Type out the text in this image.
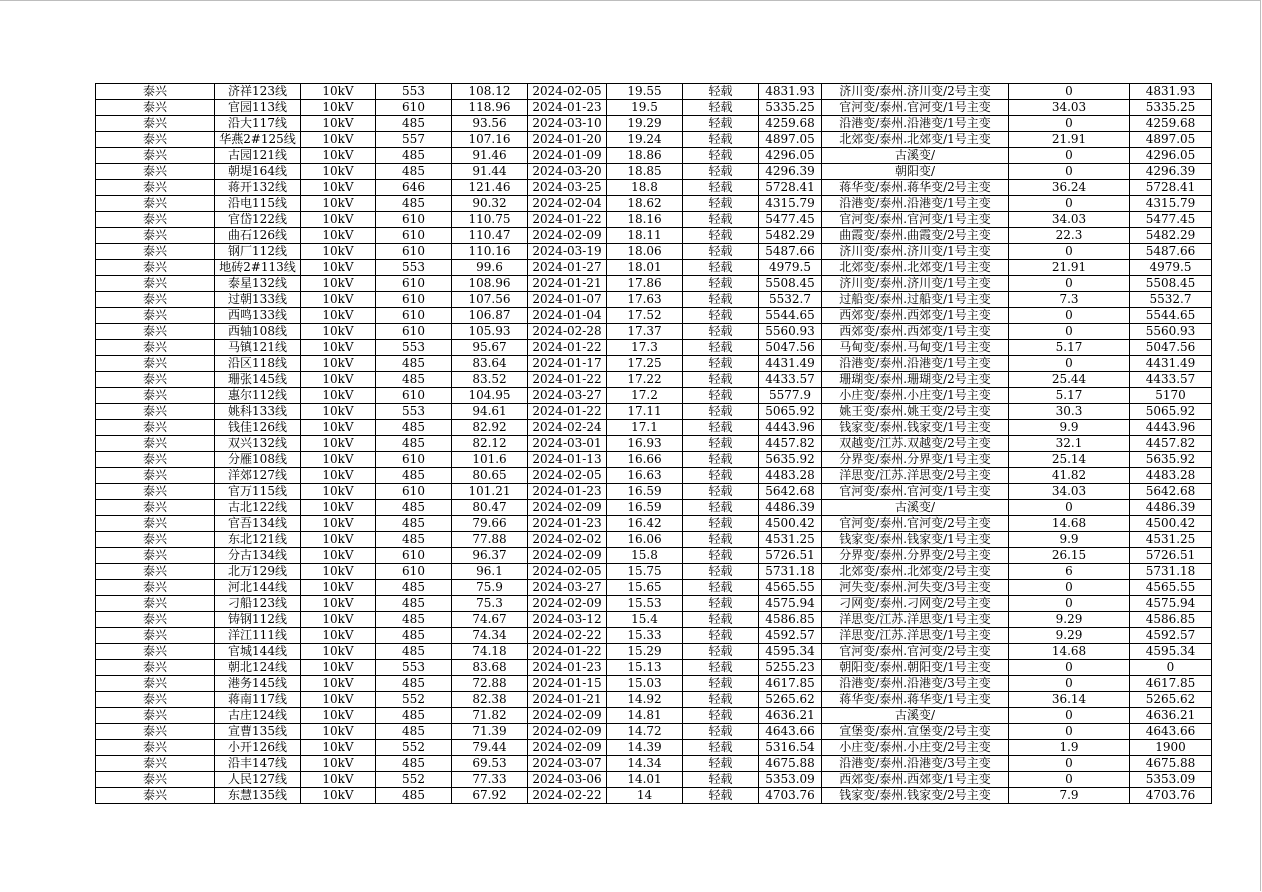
泰兴	济祥123线	10kV	553	108.12	2024-02-05	19.55	轻载	4831.93	济川变/泰州.济川变/2号主变	0	4831.93
泰兴	官园113线	10kV	610	118.96	2024-01-23	19.5	轻载	5335.25	官河变/泰州.官河变/1号主变	34.03	5335.25
泰兴	沿大117线	10kV	485	93.56	2024-03-10	19.29	轻载	4259.68	沿港变/泰州.沿港变/1号主变	0	4259.68
泰兴	华燕2#125线	10kV	557	107.16	2024-01-20	19.24	轻载	4897.05	北郊变/泰州.北郊变/1号主变	21.91	4897.05
泰兴	古园121线	10kV	485	91.46	2024-01-09	18.86	轻载	4296.05	古溪变/	0	4296.05
泰兴	朝堤164线	10kV	485	91.44	2024-03-20	18.85	轻载	4296.39	朝阳变/	0	4296.39
泰兴	蒋开132线	10kV	646	121.46	2024-03-25	18.8	轻载	5728.41	蒋华变/泰州.蒋华变/2号主变	36.24	5728.41
泰兴	沿电115线	10kV	485	90.32	2024-02-04	18.62	轻载	4315.79	沿港变/泰州.沿港变/1号主变	0	4315.79
泰兴	官岱122线	10kV	610	110.75	2024-01-22	18.16	轻载	5477.45	官河变/泰州.官河变/1号主变	34.03	5477.45
泰兴	曲石126线	10kV	610	110.47	2024-02-09	18.11	轻载	5482.29	曲霞变/泰州.曲霞变/2号主变	22.3	5482.29
泰兴	钢厂112线	10kV	610	110.16	2024-03-19	18.06	轻载	5487.66	济川变/泰州.济川变/1号主变	0	5487.66
泰兴	地砖2#113线	10kV	553	99.6	2024-01-27	18.01	轻载	4979.5	北郊变/泰州.北郊变/1号主变	21.91	4979.5
泰兴	泰星132线	10kV	610	108.96	2024-01-21	17.86	轻载	5508.45	济川变/泰州.济川变/1号主变	0	5508.45
泰兴	过朝133线	10kV	610	107.56	2024-01-07	17.63	轻载	5532.7	过船变/泰州.过船变/1号主变	7.3	5532.7
泰兴	西鸣133线	10kV	610	106.87	2024-01-04	17.52	轻载	5544.65	西郊变/泰州.西郊变/1号主变	0	5544.65
泰兴	西轴108线	10kV	610	105.93	2024-02-28	17.37	轻载	5560.93	西郊变/泰州.西郊变/1号主变	0	5560.93
泰兴	马镇121线	10kV	553	95.67	2024-01-22	17.3	轻载	5047.56	马甸变/泰州.马甸变/1号主变	5.17	5047.56
泰兴	沿区118线	10kV	485	83.64	2024-01-17	17.25	轻载	4431.49	沿港变/泰州.沿港变/1号主变	0	4431.49
泰兴	珊张145线	10kV	485	83.52	2024-01-22	17.22	轻载	4433.57	珊瑚变/泰州.珊瑚变/2号主变	25.44	4433.57
泰兴	惠尔112线	10kV	610	104.95	2024-03-27	17.2	轻载	5577.9	小庄变/泰州.小庄变/1号主变	5.17	5170
泰兴	姚科133线	10kV	553	94.61	2024-01-22	17.11	轻载	5065.92	姚王变/泰州.姚王变/2号主变	30.3	5065.92
泰兴	钱佳126线	10kV	485	82.92	2024-02-24	17.1	轻载	4443.96	钱家变/泰州.钱家变/1号主变	9.9	4443.96
泰兴	双兴132线	10kV	485	82.12	2024-03-01	16.93	轻载	4457.82	双越变/江苏.双越变/2号主变	32.1	4457.82
泰兴	分雁108线	10kV	610	101.6	2024-01-13	16.66	轻载	5635.92	分界变/泰州.分界变/1号主变	25.14	5635.92
泰兴	洋郊127线	10kV	485	80.65	2024-02-05	16.63	轻载	4483.28	洋思变/江苏.洋思变/2号主变	41.82	4483.28
泰兴	官万115线	10kV	610	101.21	2024-01-23	16.59	轻载	5642.68	官河变/泰州.官河变/1号主变	34.03	5642.68
泰兴	古北122线	10kV	485	80.47	2024-02-09	16.59	轻载	4486.39	古溪变/	0	4486.39
泰兴	官吾134线	10kV	485	79.66	2024-01-23	16.42	轻载	4500.42	官河变/泰州.官河变/2号主变	14.68	4500.42
泰兴	东北121线	10kV	485	77.88	2024-02-02	16.06	轻载	4531.25	钱家变/泰州.钱家变/1号主变	9.9	4531.25
泰兴	分古134线	10kV	610	96.37	2024-02-09	15.8	轻载	5726.51	分界变/泰州.分界变/2号主变	26.15	5726.51
泰兴	北万129线	10kV	610	96.1	2024-02-05	15.75	轻载	5731.18	北郊变/泰州.北郊变/2号主变	6	5731.18
泰兴	河北144线	10kV	485	75.9	2024-03-27	15.65	轻载	4565.55	河失变/泰州.河失变/3号主变	0	4565.55
泰兴	刁船123线	10kV	485	75.3	2024-02-09	15.53	轻载	4575.94	刁网变/泰州.刁网变/2号主变	0	4575.94
泰兴	铸钢112线	10kV	485	74.67	2024-03-12	15.4	轻载	4586.85	洋思变/江苏.洋思变/1号主变	9.29	4586.85
泰兴	洋江111线	10kV	485	74.34	2024-02-22	15.33	轻载	4592.57	洋思变/江苏.洋思变/1号主变	9.29	4592.57
泰兴	官城144线	10kV	485	74.18	2024-01-22	15.29	轻载	4595.34	官河变/泰州.官河变/2号主变	14.68	4595.34
泰兴	朝北124线	10kV	553	83.68	2024-01-23	15.13	轻载	5255.23	朝阳变/泰州.朝阳变/1号主变	0	0
泰兴	港务145线	10kV	485	72.88	2024-01-15	15.03	轻载	4617.85	沿港变/泰州.沿港变/3号主变	0	4617.85
泰兴	蒋南117线	10kV	552	82.38	2024-01-21	14.92	轻载	5265.62	蒋华变/泰州.蒋华变/1号主变	36.14	5265.62
泰兴	古庄124线	10kV	485	71.82	2024-02-09	14.81	轻载	4636.21	古溪变/	0	4636.21
泰兴	宣曹135线	10kV	485	71.39	2024-02-09	14.72	轻载	4643.66	宣堡变/泰州.宣堡变/2号主变	0	4643.66
泰兴	小开126线	10kV	552	79.44	2024-02-09	14.39	轻载	5316.54	小庄变/泰州.小庄变/2号主变	1.9	1900
泰兴	沿丰147线	10kV	485	69.53	2024-03-07	14.34	轻载	4675.88	沿港变/泰州.沿港变/3号主变	0	4675.88
泰兴	人民127线	10kV	552	77.33	2024-03-06	14.01	轻载	5353.09	西郊变/泰州.西郊变/1号主变	0	5353.09
泰兴	东慧135线	10kV	485	67.92	2024-02-22	14	轻载	4703.76	钱家变/泰州.钱家变/2号主变	7.9	4703.76
